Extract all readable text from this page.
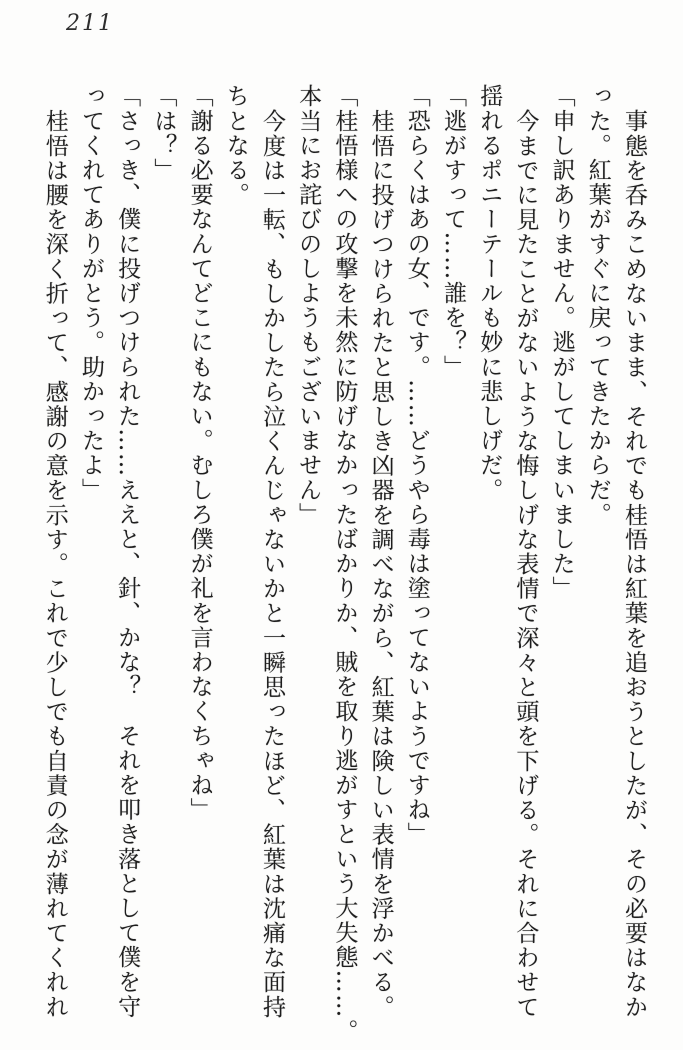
211

事態を呑みこめないまま、それでも桂悟は紅葉を追おうとしたが、その必要はなか

った。紅葉がすぐに戻ってきたからだ。

「申し訳ありません。逃がしてしまいました」

今までに見たことがないような悔しげな表情で深々と頭を下げる。それに合わせて

揺れるポニーテールも妙に悲しげだ。

「逃がすって……誰を？」

「恐らくはあの女、です。……どうやら毒は塗ってないようですね」

桂悟に投げつけられたと思しき凶器を調べながら、紅葉は険しい表情を浮かべる。

「桂悟様への攻撃を未然に防げなかったばかりか、賊を取り逃がすという大失態……。

本当にお詫びのしようもございません」

今度は一転、もしかしたら泣くんじゃないかと一瞬思ったほど、紅葉は沈痛な面持

ちとなる。

「謝る必要なんてどこにもない。むしろ僕が礼を言わなくちゃね」

「は？」

「さっき、僕に投げつけられた……ええと、針、かな？　それを叩き落として僕を守

ってくれてありがとう。助かったよ」

桂悟は腰を深く折って、感謝の意を示す。これで少しでも自責の念が薄れてくれれ
